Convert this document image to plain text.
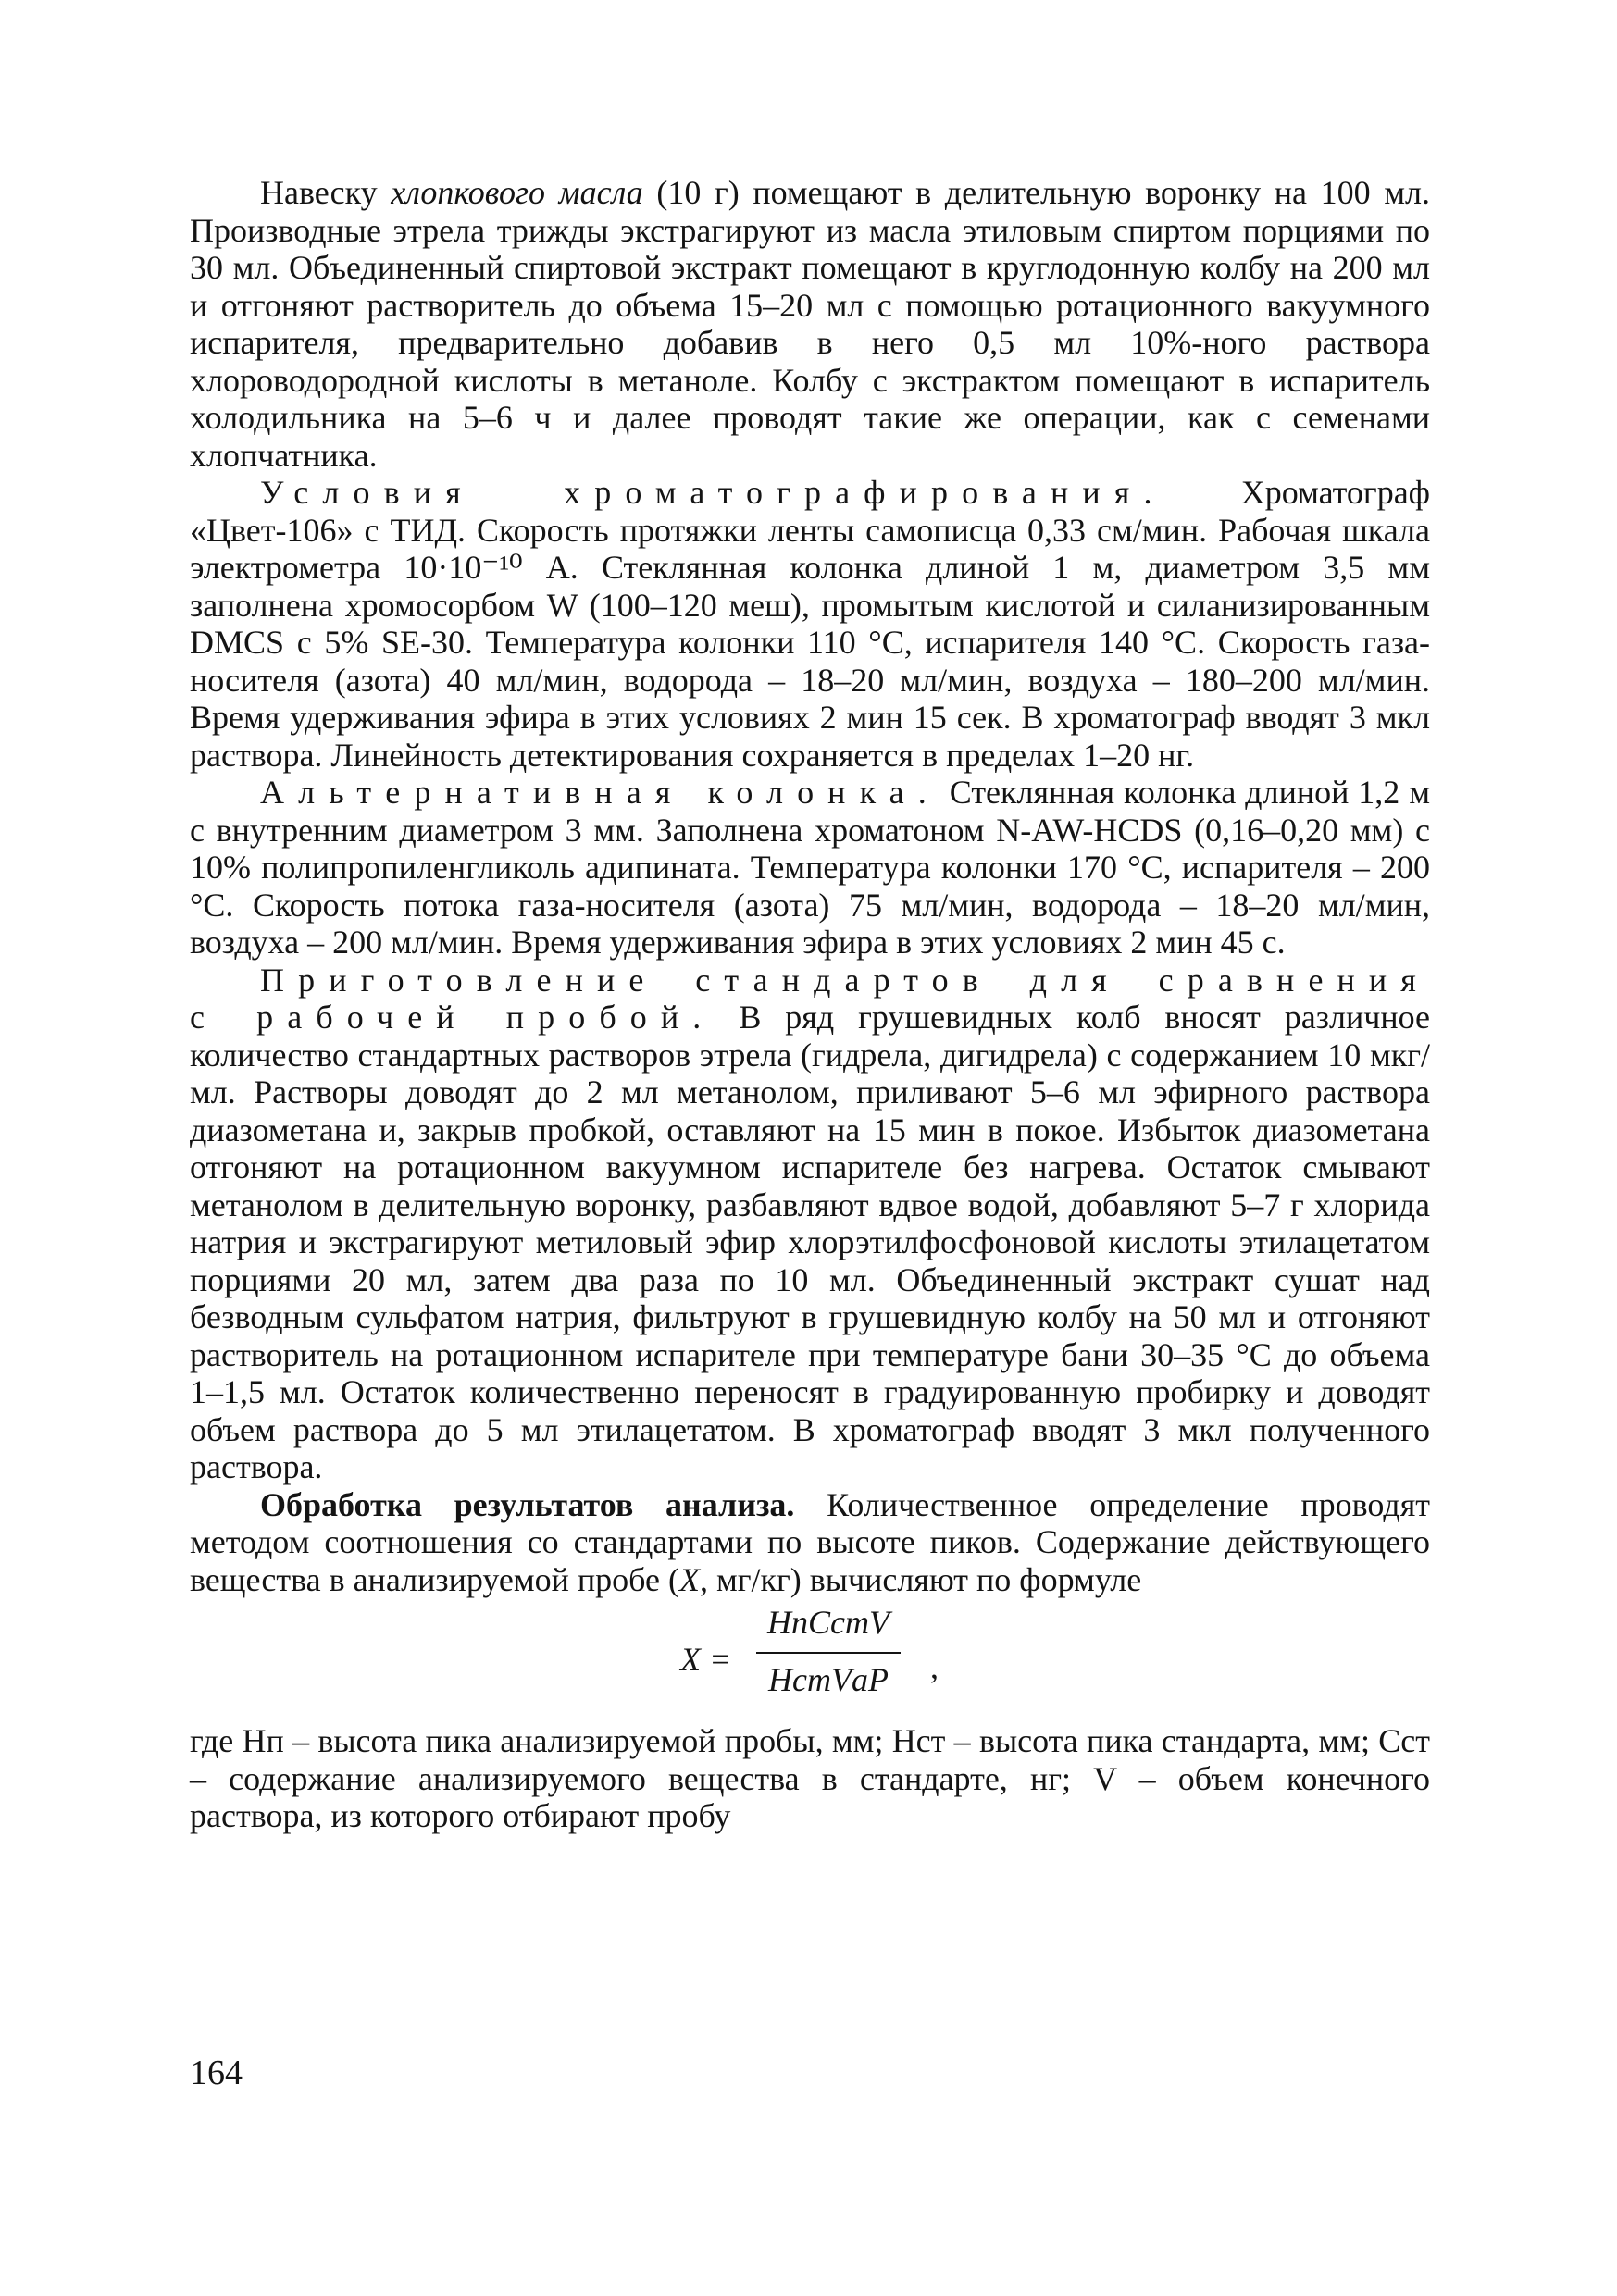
Навеску хлопкового масла (10 г) помещают в делительную воронку на 100 мл. Производные этрела трижды экстрагируют из масла этиловым спиртом порциями по 30 мл. Объединенный спиртовой экстракт помещают в круглодонную колбу на 200 мл и отгоняют растворитель до объема 15–20 мл с помощью ротационного вакуумного испарителя, предварительно добавив в него 0,5 мл 10%-ного раствора хлороводородной кислоты в метаноле. Колбу с экстрактом помещают в испаритель холодильника на 5–6 ч и далее проводят такие же операции, как с семенами хлопчатника.

Условия хроматографирования. Хроматограф «Цвет-106» с ТИД. Скорость протяжки ленты самописца 0,33 см/мин. Рабочая шкала электрометра 10·10⁻¹⁰ А. Стеклянная колонка длиной 1 м, диаметром 3,5 мм заполнена хромосорбом W (100–120 меш), промытым кислотой и силанизированным DMCS с 5% SE-30. Температура колонки 110 °С, испарителя 140 °С. Скорость газа-носителя (азота) 40 мл/мин, водорода – 18–20 мл/мин, воздуха – 180–200 мл/мин. Время удерживания эфира в этих условиях 2 мин 15 сек. В хроматограф вводят 3 мкл раствора. Линейность детектирования сохраняется в пределах 1–20 нг.

Альтернативная колонка. Стеклянная колонка длиной 1,2 м с внутренним диаметром 3 мм. Заполнена хроматоном N-AW-HCDS (0,16–0,20 мм) с 10% полипропиленгликоль адипината. Температура колонки 170 °С, испарителя – 200 °С. Скорость потока газа-носителя (азота) 75 мл/мин, водорода – 18–20 мл/мин, воздуха – 200 мл/мин. Время удерживания эфира в этих условиях 2 мин 45 с.

Приготовление стандартов для сравнения с рабочей пробой. В ряд грушевидных колб вносят различное количество стандартных растворов этрела (гидрела, дигидрела) с содержанием 10 мкг/мл. Растворы доводят до 2 мл метанолом, приливают 5–6 мл эфирного раствора диазометана и, закрыв пробкой, оставляют на 15 мин в покое. Избыток диазометана отгоняют на ротационном вакуумном испарителе без нагрева. Остаток смывают метанолом в делительную воронку, разбавляют вдвое водой, добавляют 5–7 г хлорида натрия и экстрагируют метиловый эфир хлорэтилфосфоновой кислоты этилацетатом порциями 20 мл, затем два раза по 10 мл. Объединенный экстракт сушат над безводным сульфатом натрия, фильтруют в грушевидную колбу на 50 мл и отгоняют растворитель на ротационном испарителе при температуре бани 30–35 °С до объема 1–1,5 мл. Остаток количественно переносят в градуированную пробирку и доводят объем раствора до 5 мл этилацетатом. В хроматограф вводят 3 мкл полученного раствора.

Обработка результатов анализа. Количественное определение проводят методом соотношения со стандартами по высоте пиков. Содержание действующего вещества в анализируемой пробе (X, мг/кг) вычисляют по формуле

X =
HпCстV
HстVаP	,

где Hп – высота пика анализируемой пробы, мм; Hст – высота пика стандарта, мм; Cст – содержание анализируемого вещества в стандарте, нг; V – объем конечного раствора, из которого отбирают пробу

164
